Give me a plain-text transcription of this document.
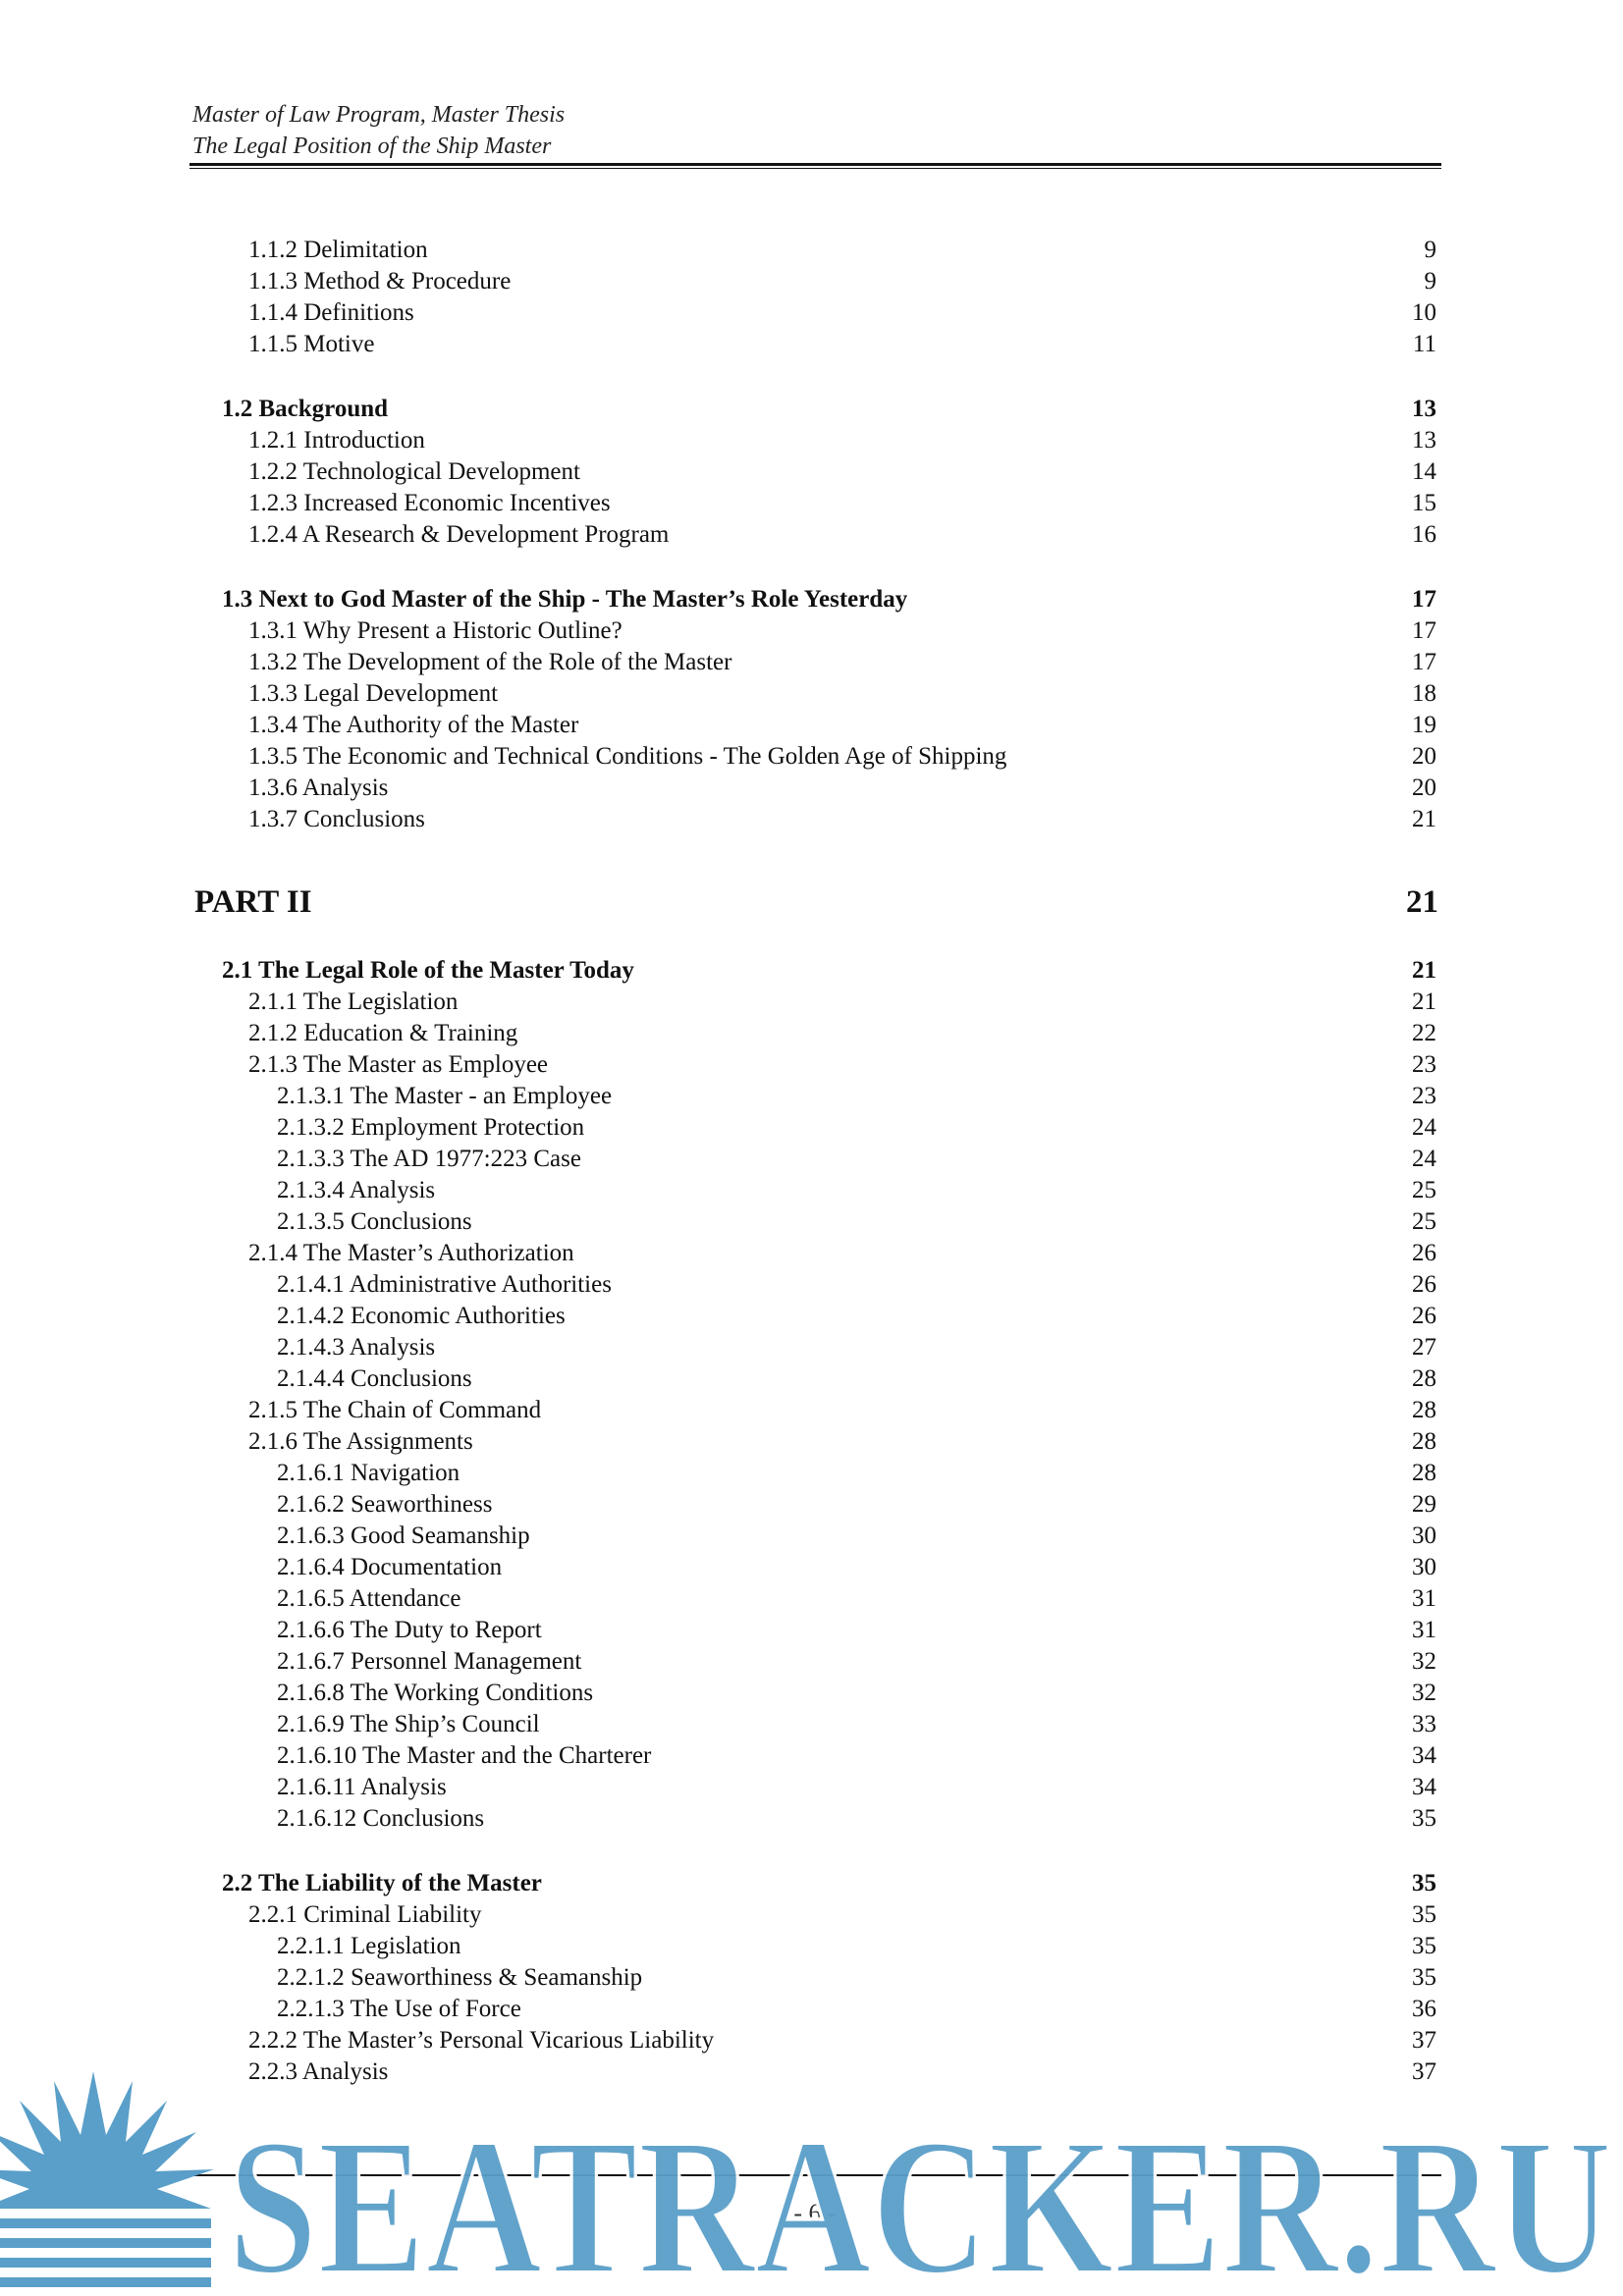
Master of Law Program, Master Thesis
The Legal Position of the Ship Master
1.1.2 Delimitation	9
1.1.3 Method & Procedure	9
1.1.4 Definitions	10
1.1.5 Motive	11
1.2 Background	13
1.2.1 Introduction	13
1.2.2 Technological Development	14
1.2.3 Increased Economic Incentives	15
1.2.4 A Research & Development Program	16
1.3 Next to God Master of the Ship - The Master’s Role Yesterday	17
1.3.1 Why Present a Historic Outline?	17
1.3.2 The Development of the Role of the Master	17
1.3.3 Legal Development	18
1.3.4 The Authority of the Master	19
1.3.5 The Economic and Technical Conditions - The Golden Age of Shipping	20
1.3.6 Analysis	20
1.3.7 Conclusions	21
PART II	21
2.1 The Legal Role of the Master Today	21
2.1.1 The Legislation	21
2.1.2 Education & Training	22
2.1.3 The Master as Employee	23
2.1.3.1 The Master - an Employee	23
2.1.3.2 Employment Protection	24
2.1.3.3 The AD 1977:223 Case	24
2.1.3.4 Analysis	25
2.1.3.5 Conclusions	25
2.1.4 The Master’s Authorization	26
2.1.4.1 Administrative Authorities	26
2.1.4.2 Economic Authorities	26
2.1.4.3 Analysis	27
2.1.4.4 Conclusions	28
2.1.5 The Chain of Command	28
2.1.6 The Assignments	28
2.1.6.1 Navigation	28
2.1.6.2 Seaworthiness	29
2.1.6.3 Good Seamanship	30
2.1.6.4 Documentation	30
2.1.6.5 Attendance	31
2.1.6.6 The Duty to Report	31
2.1.6.7 Personnel Management	32
2.1.6.8 The Working Conditions	32
2.1.6.9 The Ship’s Council	33
2.1.6.10 The Master and the Charterer	34
2.1.6.11 Analysis	34
2.1.6.12 Conclusions	35
2.2 The Liability of the Master	35
2.2.1 Criminal Liability	35
2.2.1.1 Legislation	35
2.2.1.2 Seaworthiness & Seamanship	35
2.2.1.3 The Use of Force	36
2.2.2 The Master’s Personal Vicarious Liability	37
2.2.3 Analysis	37
- 6 -
SEATRACKER.RU
